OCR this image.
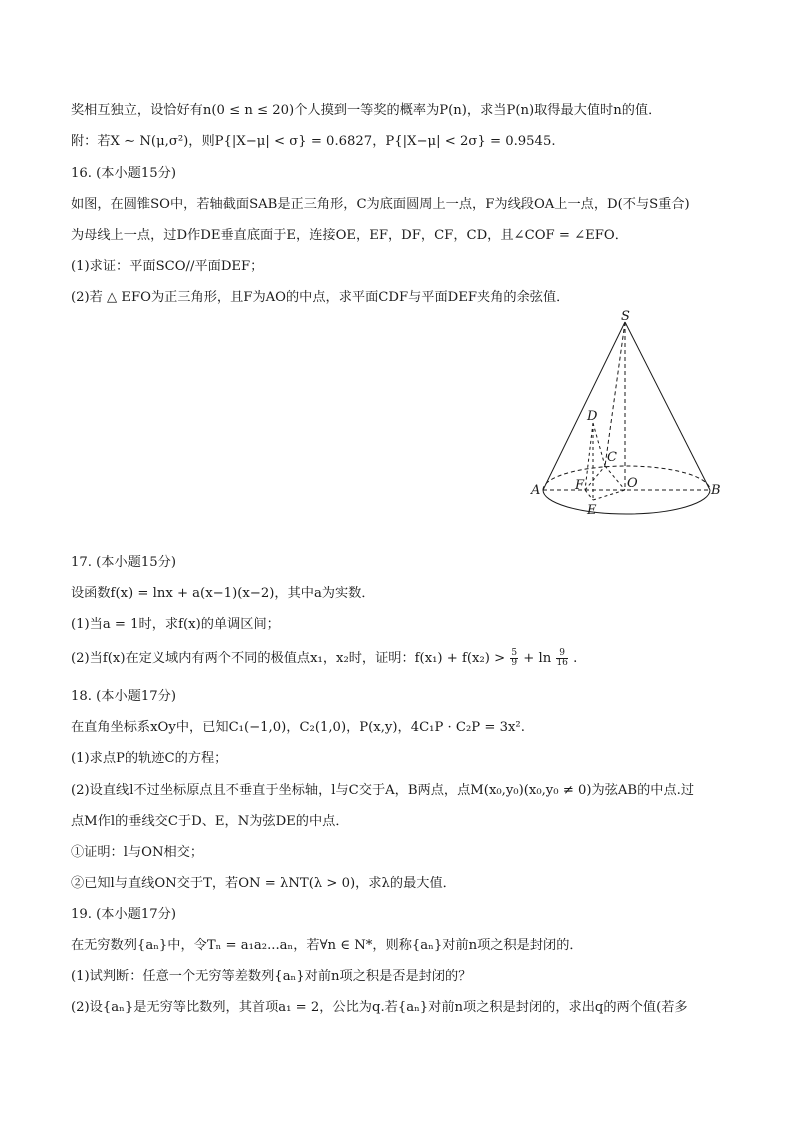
奖相互独立，设恰好有n(0 ≤ n ≤ 20)个人摸到一等奖的概率为P(n)，求当P(n)取得最大值时n的值．
附：若X ∼ N(μ,σ²)，则P{|X−μ| < σ} = 0.6827，P{|X−μ| < 2σ} = 0.9545.
16. (本小题15分)
如图，在圆锥SO中，若轴截面SAB是正三角形，C为底面圆周上一点，F为线段OA上一点，D(不与S重合)
为母线上一点，过D作DE垂直底面于E，连接OE，EF，DF，CF，CD，且∠COF = ∠EFO．
(1)求证：平面SCO//平面DEF；
(2)若 △ EFO为正三角形，且F为AO的中点，求平面CDF与平面DEF夹角的余弦值．
S
A	B
C
D
E
F	O
17. (本小题15分)
设函数f(x) = lnx + a(x−1)(x−2)，其中a为实数．
(1)当a = 1时，求f(x)的单调区间；
(2)当f(x)在定义域内有两个不同的极值点x₁，x₂时，证明：$f(x_1) + f(x_2) > \frac{5}{9} + \ln \frac{9}{16}$ .
18. (本小题17分)
在直角坐标系xOy中，已知C₁(−1,0)，C₂(1,0)，P(x,y)，4C₁P · C₂P = 3x².
(1)求点P的轨迹C的方程；
(2)设直线l不过坐标原点且不垂直于坐标轴，l与C交于A，B两点，点M(x₀,y₀)(x₀,y₀ ≠ 0)为弦AB的中点.过
点M作l的垂线交C于D、E，N为弦DE的中点．
①证明：l与ON相交；
②已知l与直线ON交于T，若ON = λNT(λ > 0)，求λ的最大值．
19. (本小题17分)
在无穷数列{aₙ}中，令Tₙ = a₁a₂...aₙ，若∀n ∈ N*，则称{aₙ}对前n项之积是封闭的．
(1)试判断：任意一个无穷等差数列{aₙ}对前n项之积是否是封闭的？
(2)设{aₙ}是无穷等比数列，其首项a₁ = 2，公比为q.若{aₙ}对前n项之积是封闭的，求出q的两个值(若多
